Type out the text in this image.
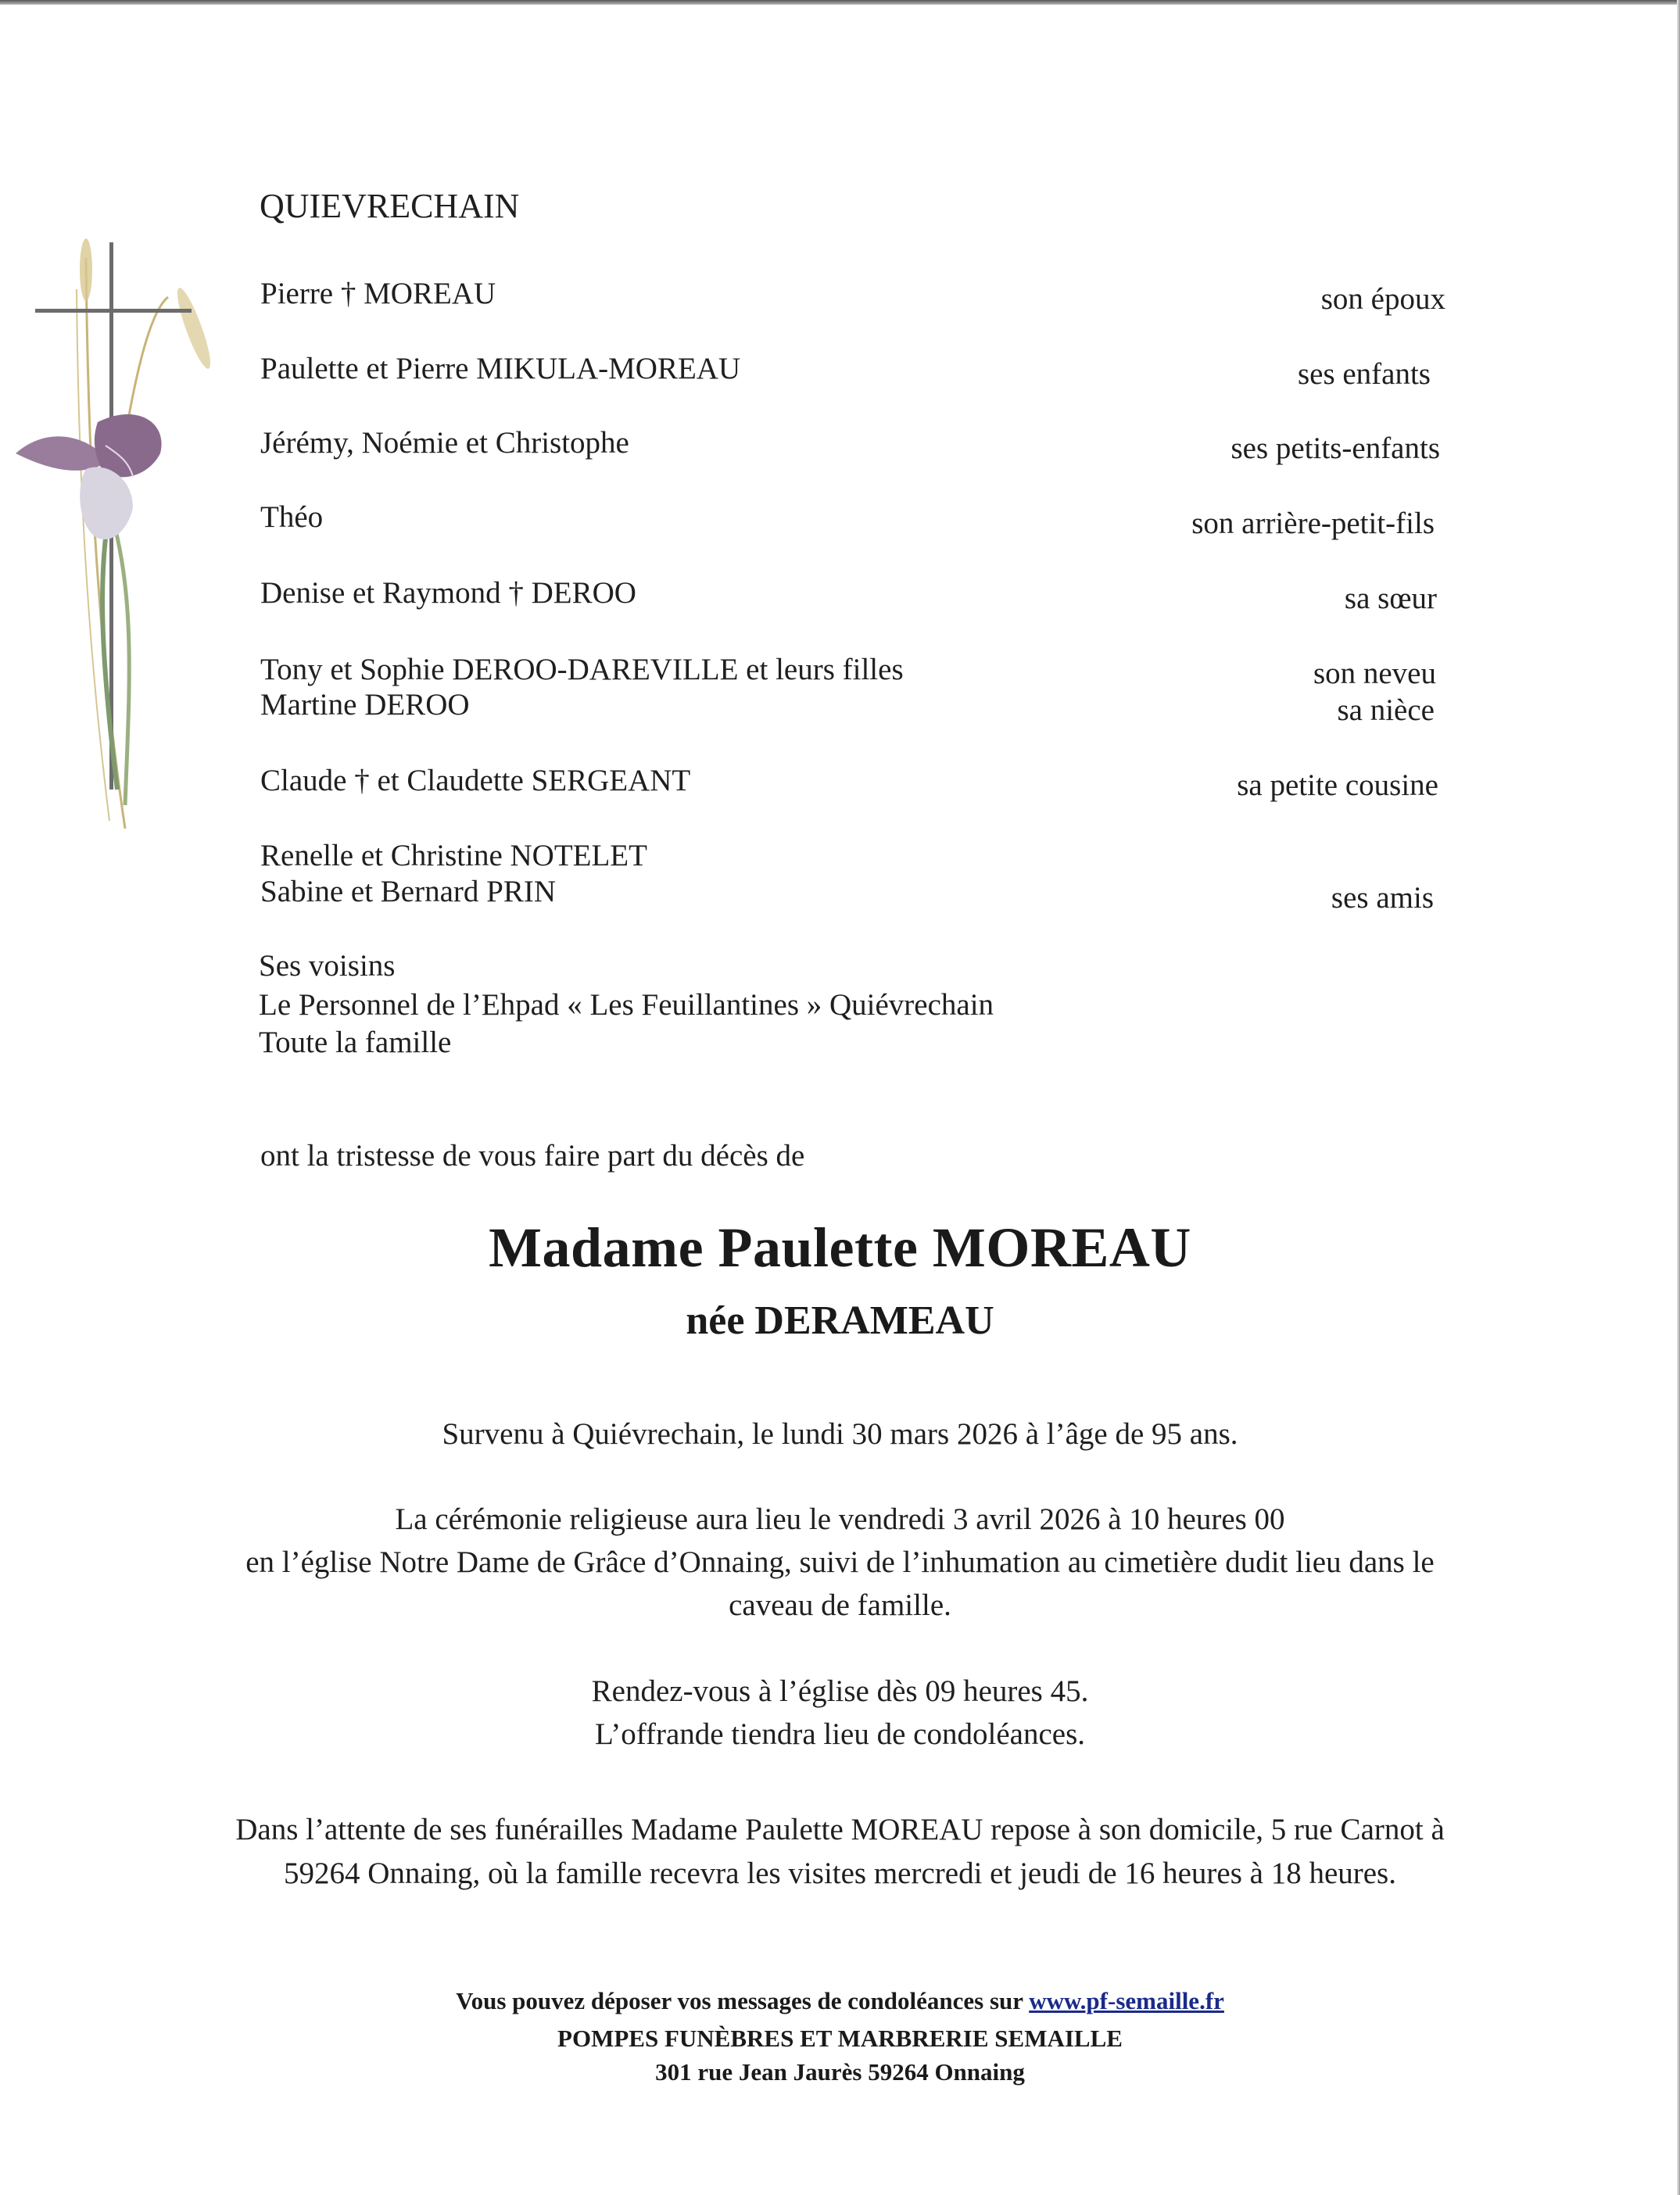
QUIEVRECHAIN
Pierre † MOREAU
Paulette et Pierre MIKULA-MOREAU
Jérémy, Noémie et Christophe
Théo
Denise et Raymond † DEROO
Tony et Sophie DEROO-DAREVILLE et leurs filles
Martine DEROO
Claude † et Claudette SERGEANT
Renelle et Christine NOTELET
Sabine et Bernard PRIN
Ses voisins
Le Personnel de l’Ehpad « Les Feuillantines » Quiévrechain
Toute la famille
son époux
ses enfants
ses petits-enfants
son arrière-petit-fils
sa sœur
son neveu
sa nièce
sa petite cousine
ses amis
ont la tristesse de vous faire part du décès de
Madame Paulette MOREAU
née DERAMEAU
Survenu à Quiévrechain, le lundi 30 mars 2026 à l’âge de 95 ans.
La cérémonie religieuse aura lieu le vendredi 3 avril 2026 à 10 heures 00
en l’église Notre Dame de Grâce d’Onnaing, suivi de l’inhumation au cimetière dudit lieu dans le
caveau de famille.
Rendez-vous à l’église dès 09 heures 45.
L’offrande tiendra lieu de condoléances.
Dans l’attente de ses funérailles Madame Paulette MOREAU repose à son domicile, 5 rue Carnot à
59264 Onnaing, où la famille recevra les visites mercredi et jeudi de 16 heures à 18 heures.
Vous pouvez déposer vos messages de condoléances sur www.pf-semaille.fr
POMPES FUNÈBRES ET MARBRERIE SEMAILLE
301 rue Jean Jaurès 59264 Onnaing
